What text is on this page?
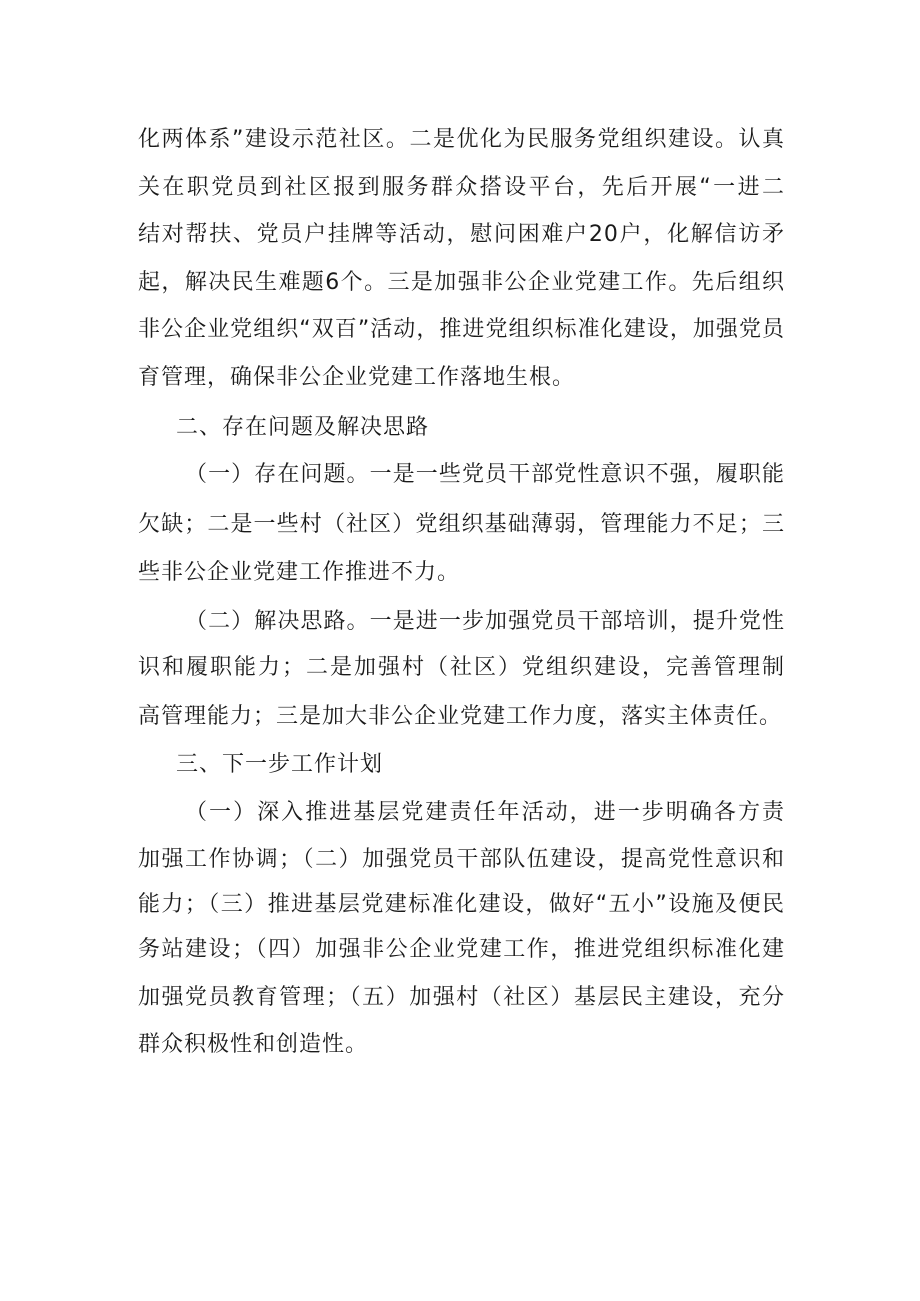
化两体系”建设示范社区。二是优化为民服务党组织建设。认真
关在职党员到社区报到服务群众搭设平台，先后开展“一进二
结对帮扶、党员户挂牌等活动，慰问困难户20户，化解信访矛
起，解决民生难题6个。三是加强非公企业党建工作。先后组织
非公企业党组织“双百”活动，推进党组织标准化建设，加强党员
育管理，确保非公企业党建工作落地生根。
二、存在问题及解决思路
（一）存在问题。一是一些党员干部党性意识不强，履职能
欠缺；二是一些村（社区）党组织基础薄弱，管理能力不足；三
些非公企业党建工作推进不力。
（二）解决思路。一是进一步加强党员干部培训，提升党性
识和履职能力；二是加强村（社区）党组织建设，完善管理制
高管理能力；三是加大非公企业党建工作力度，落实主体责任。
三、下一步工作计划
（一）深入推进基层党建责任年活动，进一步明确各方责
加强工作协调；（二）加强党员干部队伍建设，提高党性意识和
能力；（三）推进基层党建标准化建设，做好“五小”设施及便民
务站建设；（四）加强非公企业党建工作，推进党组织标准化建
加强党员教育管理；（五）加强村（社区）基层民主建设，充分
群众积极性和创造性。
